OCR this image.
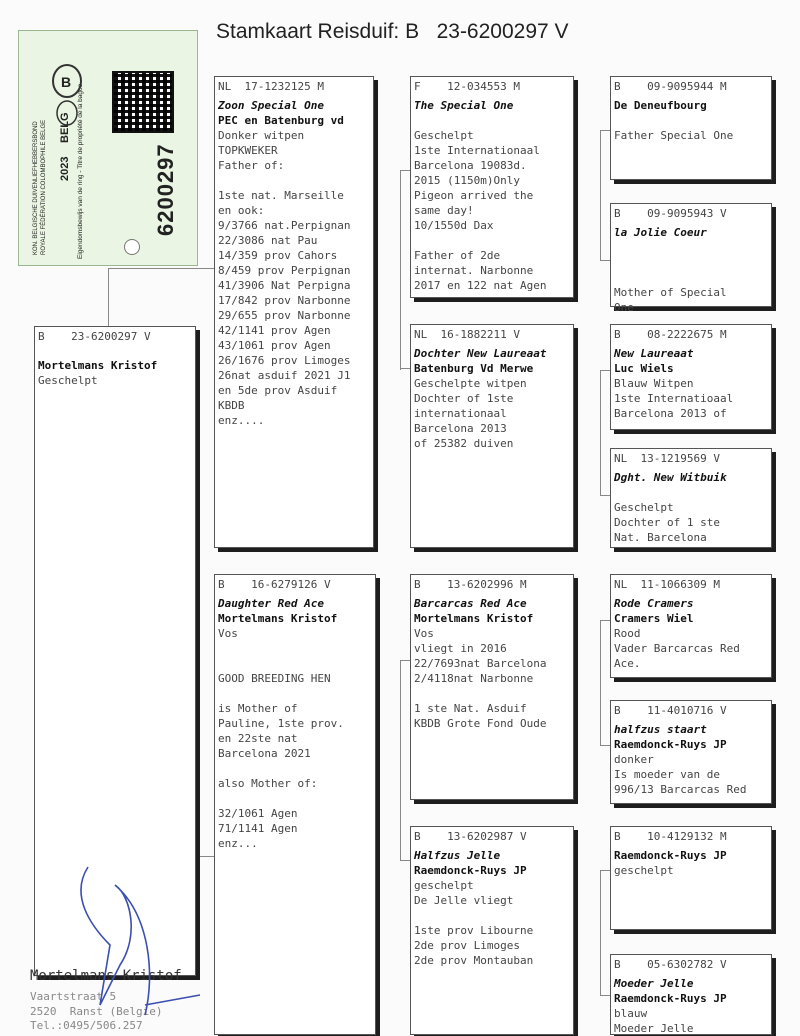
Stamkaart Reisduif: B   23-6200297 V
KON. BELGISCHE DUIVENLIEFHEBBERSBOND ROYALE FÉDÉRATION COLOMBOPHILE BELGE 2023
BELG Eigendomsbewijs van de ring - Titre de propriété de la bague	6200297
B
B    23-6200297 V
Mortelmans Kristof
Geschelpt
NL  17-1232125 M
Zoon Special One
PEC en Batenburg vd
Donker witpen
TOPKWEKER
Father of:
1ste nat. Marseille
en ook:
9/3766 nat.Perpignan
22/3086 nat Pau
14/359 prov Cahors
8/459 prov Perpignan
41/3906 Nat Perpigna
17/842 prov Narbonne
29/655 prov Narbonne
42/1141 prov Agen
43/1061 prov Agen
26/1676 prov Limoges
26nat asduif 2021 J1
en 5de prov Asduif
KBDB
enz....
B    16-6279126 V
Daughter Red Ace
Mortelmans Kristof
Vos
GOOD BREEDING HEN
is Mother of
Pauline, 1ste prov.
en 22ste nat
Barcelona 2021
also Mother of:
32/1061 Agen
71/1141 Agen
enz...
F    12-034553 M
The Special One
Geschelpt
1ste Internationaal
Barcelona 19083d.
2015 (1150m)Only
Pigeon arrived the
same day!
10/1550d Dax
Father of 2de
internat. Narbonne
2017 en 122 nat Agen
NL  16-1882211 V
Dochter New Laureaat
Batenburg Vd Merwe
Geschelpte witpen
Dochter of 1ste
internationaal
Barcelona 2013
of 25382 duiven
B    13-6202996 M
Barcarcas Red Ace
Mortelmans Kristof
Vos
vliegt in 2016
22/7693nat Barcelona
2/4118nat Narbonne
1 ste Nat. Asduif
KBDB Grote Fond Oude
B    13-6202987 V
Halfzus Jelle
Raemdonck-Ruys JP
geschelpt
De Jelle vliegt
1ste prov Libourne
2de prov Limoges
2de prov Montauban
B    09-9095944 M
De Deneufbourg
Father Special One
B    09-9095943 V
la Jolie Coeur
Mother of Special
One
B    08-2222675 M
New Laureaat
Luc Wiels
Blauw Witpen
1ste Internatioaal
Barcelona 2013 of
NL  13-1219569 V
Dght. New Witbuik
Geschelpt
Dochter of 1 ste
Nat. Barcelona
NL  11-1066309 M
Rode Cramers
Cramers Wiel
Rood
Vader Barcarcas Red
Ace.
B    11-4010716 V
halfzus staart
Raemdonck-Ruys JP
donker
Is moeder van de
996/13 Barcarcas Red
B    10-4129132 M
Raemdonck-Ruys JP
geschelpt
B    05-6302782 V
Moeder Jelle
Raemdonck-Ruys JP
blauw
Moeder Jelle
Mortelmans Kristof
Vaartstraat 5
2520  Ranst (Belgie)
Tel.:0495/506.257
